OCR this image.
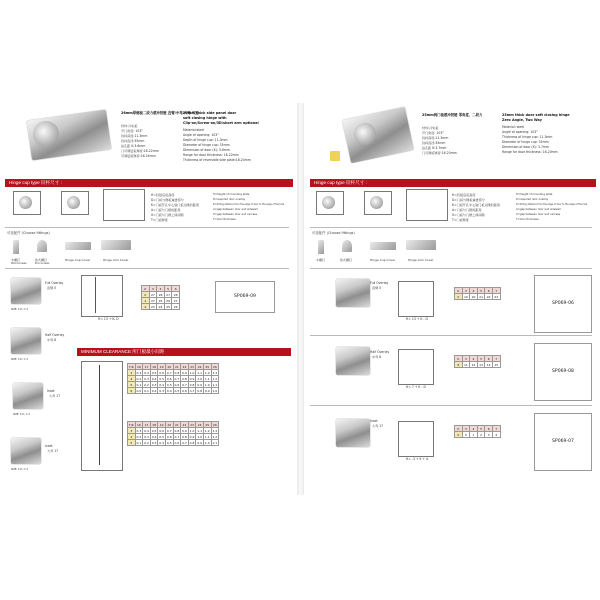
26mm厚侧板二段力缓冲铰链 直臂/中弯/大弯 可选
26mm thick side panel door
soft closing hinge with
Clip-on/Screw-on/3D/short arm optional
材料:冷轧板
开门角度: 103°
铰杯深度:11.3mm
铰杯直径:35mm
钻孔距 K:3-6mm
门可调层板厚度:16-22mm
可调层板厚度:16-24mm
Material:steel
Angle of opening: 103°
Depth of hinge cup: 11.3mm
Diameter of hinge cup: 35mm
Dimension of door (K): 3-6mm
Range for door thickness: 16-22mm
Thickness of reversible side plate:16-24mm
Hinge cup type 铰杯尺寸 :
H=铰链底座高度
D=门板与侧板重叠部分
K=门板开孔中心到门板边缘的距离
A=门板与门框的距离
X=门板与门框之间间隙
T=门板厚度
H=height of mounting plate
D=required door overlay
K=drilling distance from the edge of door to the edge of the hole
A=gap between door and sidewall
X=gap between door and carcase
T=door thickness
可选配件 (Choose fittings)
木螺钉	欧式螺钉	Hinge Cup Cover	Hinge Arm Cover
Wood screws	Euro screws
Full Overlay
直臂 0
SIZE: 3.6 / 1.3
Half Overlay
中弯 8
SIZE: 3.6 / 1.3
Inset
大弯 17
SIZE: 3.6 / 1.3
Inset
大弯 17
SIZE: 3.6 / 1.3
H= 13 + K- D
K	3	4	5	6
0	27	28	27	26
2	27	25	26	27
4	23	24	25	26
SP069-09
MINIMUM CLEARANCE 所门板最小间距
T/K	16	17	18	19	20	21	22	23	24	25	26
3	0.3	0.4	0.5	0.6	0.7	0.8	0.9	1.0	1.1	1.2	1.3
4	0.2	0.3	0.4	0.5	0.6	0.7	0.8	0.9	1.0	1.1	1.2
5	0.1	0.2	0.3	0.4	0.5	0.6	0.7	0.8	0.9	1.0	1.1
6	0.0	0.1	0.2	0.3	0.4	0.5	0.6	0.7	0.8	0.9	1.0
T/K	16	17	18	19	20	21	22	23	24	25	26
3	0.3	0.4	0.5	0.6	0.7	0.8	0.9	1.0	1.1	1.2	1.3
4	0.2	0.3	0.4	0.5	0.6	0.7	0.8	0.9	1.0	1.1	1.2
5	0.1	0.2	0.3	0.4	0.5	0.6	0.7	0.8	0.9	1.0	1.1
25mm两门板缓冲铰链 零角度，二段力	25mm thick door soft closing hinge
Zero Angle, Two Way
材料:冷轧板
开门角度: 103°
铰杯深度:11.3mm
铰杯直径:35mm
钻孔距 K:3-7mm
门可调板厚度:16-20mm
Material: steel
Angle of opening: 103°
Thickness of hinge cup: 11.3mm
Diameter of hinge cup: 35mm
Dimension of door (K): 3-7mm
Range for door thickness: 16-20mm
Hinge cup type 铰杯尺寸 :
H=铰链底座高度
D=门板与侧板重叠部分
K=门板开孔中心到门板边缘的距离
A=门板与门框的距离
X=门板与门框之间间隙
T=门板厚度
H=height of mounting plate
D=required door overlay
K=drilling distance from the edge of door to the edge of the hole
A=gap between door and sidewall
X=gap between door and carcase
T=door thickness
可选配件 (Choose fittings)
木螺钉	欧式螺钉	Hinge Cup Cover	Hinge Arm Cover
Full Overlay
直臂 0
H= 13 + K - D
K	3	4	5	6	7
0	19	20	21	22	23
SP069-06
Half Overlay
中弯 8
H= 7 + K - D
K	3	4	5	6	7
8	11	12	13	14	15
SP069-08
Inset
大弯 17
H= -3 + K + A
K	3	4	5	6	7
0	0	1	2	3	4
SP069-07
